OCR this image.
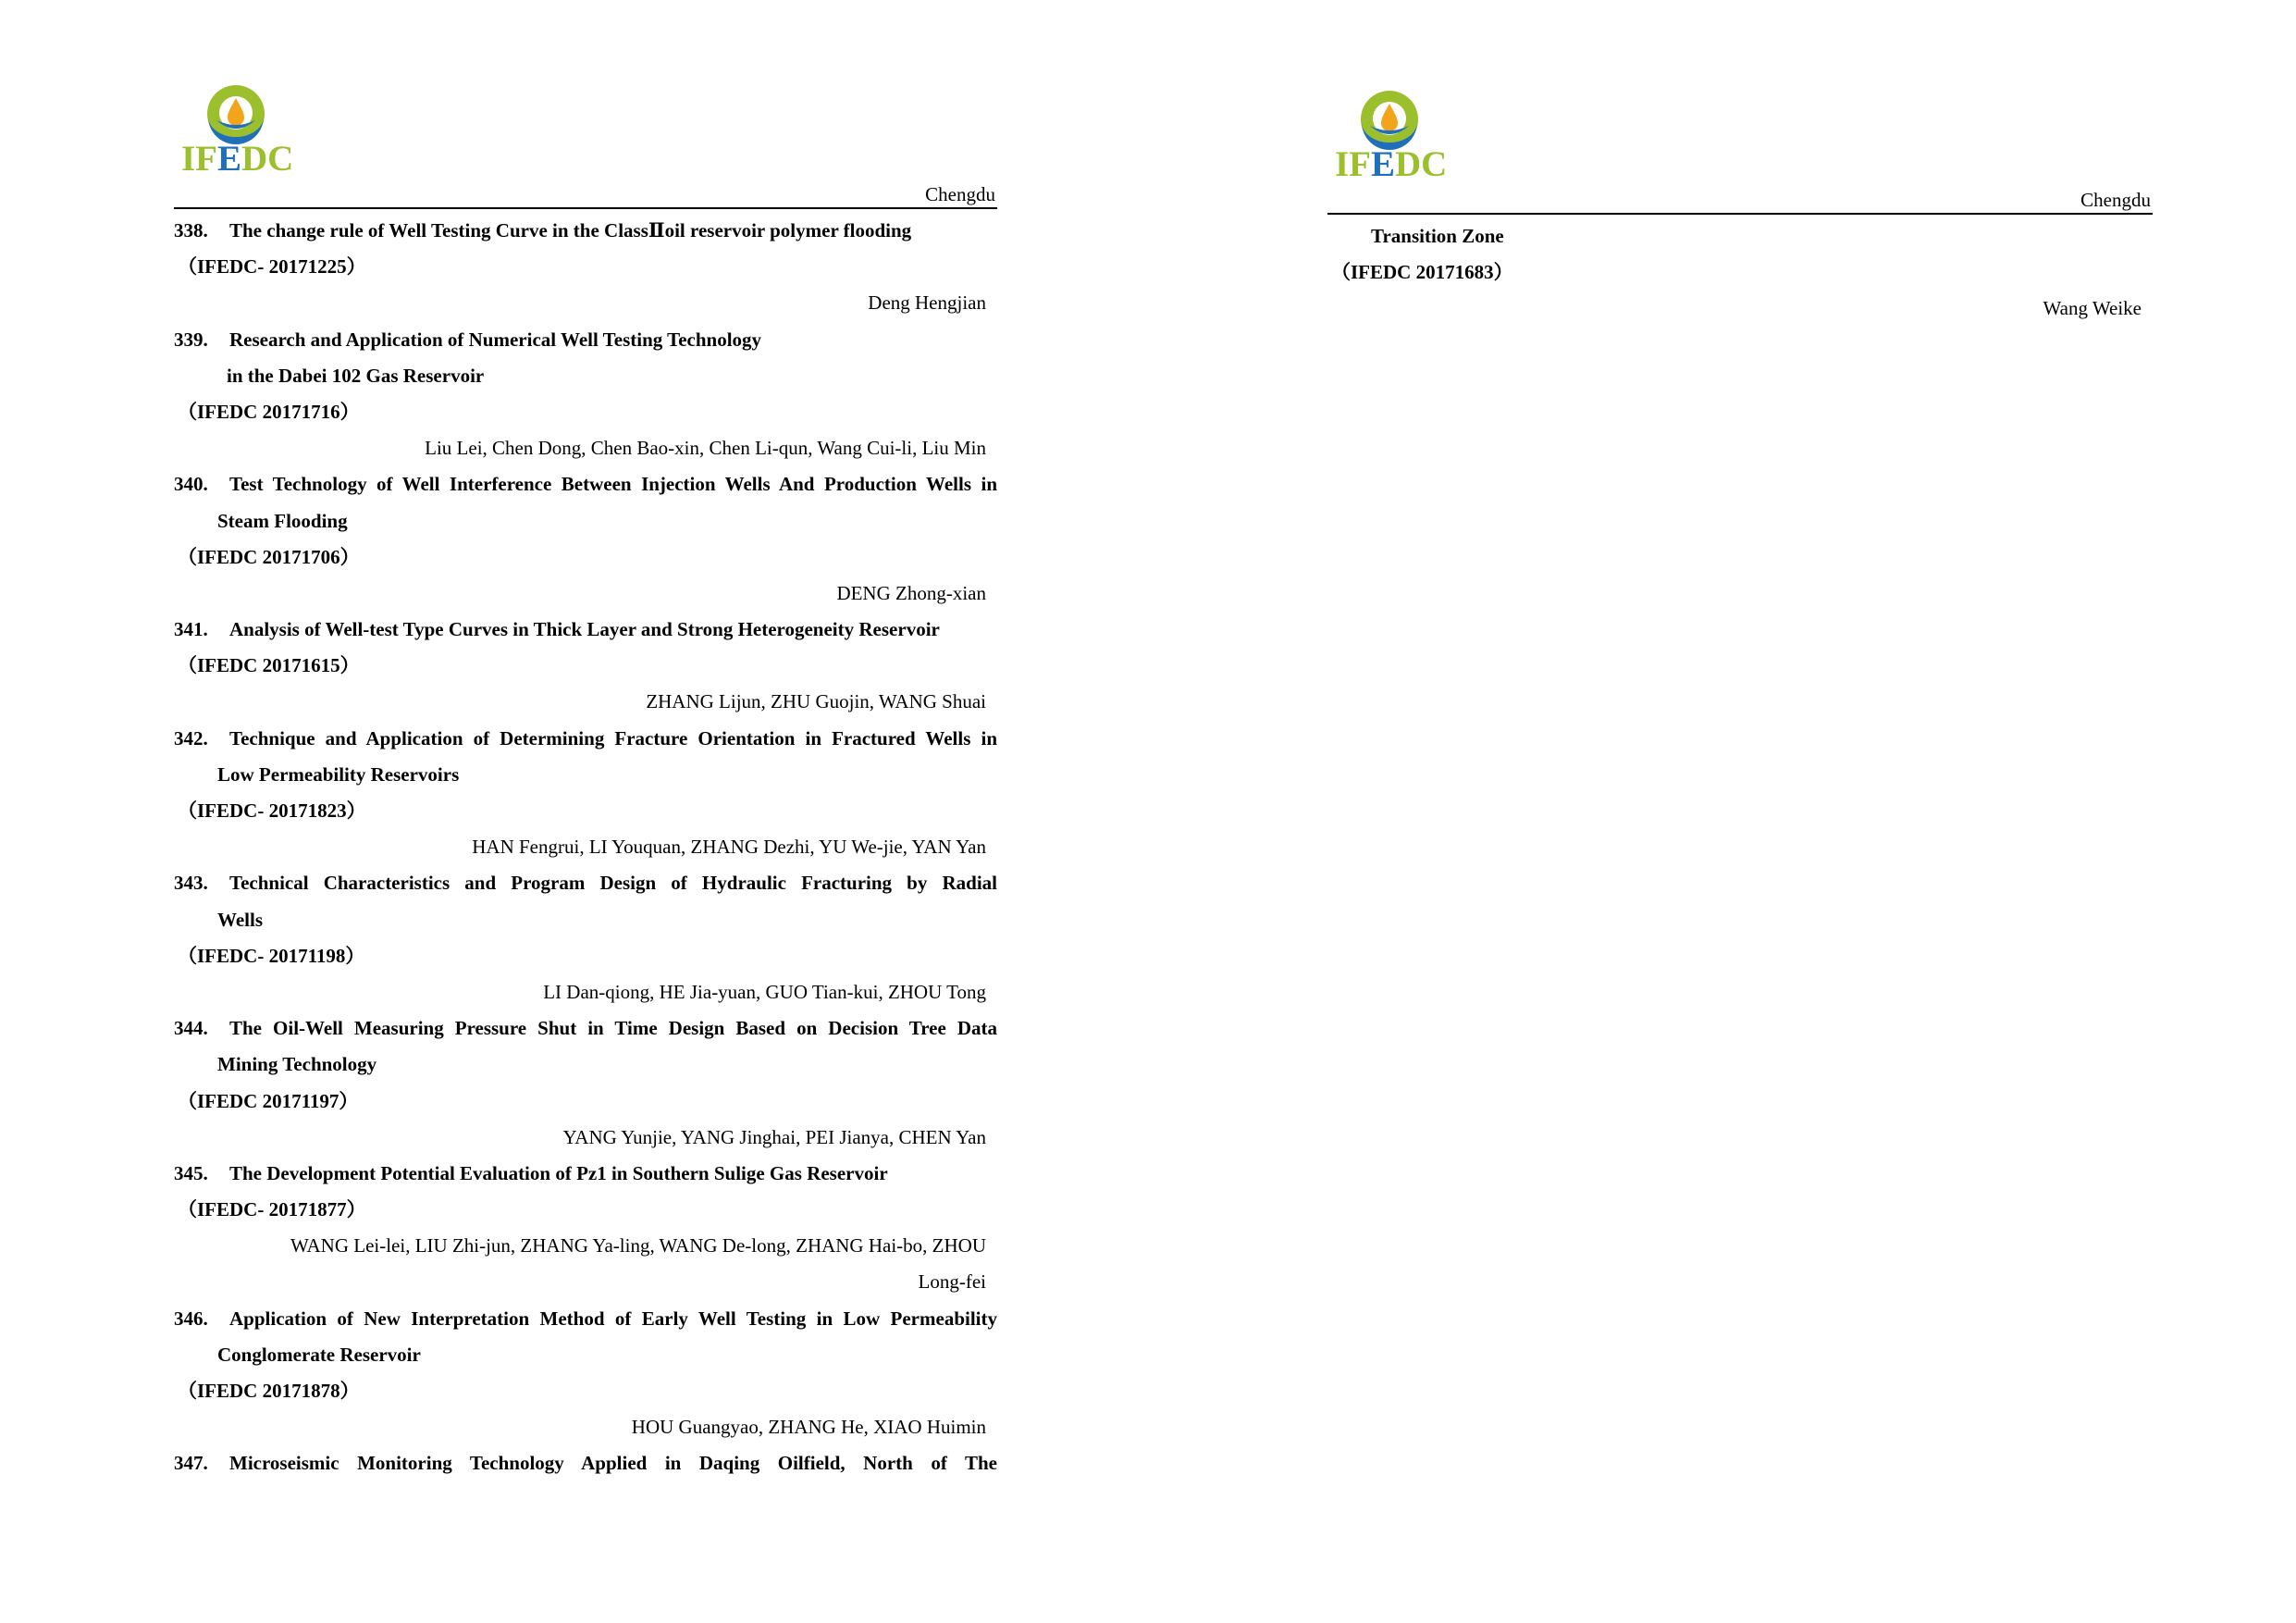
IFEDC
Chengdu
338. The change rule of Well Testing Curve in the ClassⅡoil reservoir polymer flooding
（IFEDC- 20171225）
Deng Hengjian
339. Research and Application of Numerical Well Testing Technology
in the Dabei 102 Gas Reservoir
（IFEDC 20171716）
Liu Lei, Chen Dong, Chen Bao-xin, Chen Li-qun, Wang Cui-li, Liu Min
340.	Test Technology of Well Interference Between Injection Wells And Production Wells in
Steam Flooding
（IFEDC 20171706）
DENG Zhong-xian
341. Analysis of Well-test Type Curves in Thick Layer and Strong Heterogeneity Reservoir
（IFEDC 20171615）
ZHANG Lijun, ZHU Guojin, WANG Shuai
342.	Technique and Application of Determining Fracture Orientation in Fractured Wells in
Low Permeability Reservoirs
（IFEDC- 20171823）
HAN Fengrui, LI Youquan, ZHANG Dezhi, YU We-jie, YAN Yan
343.	Technical Characteristics and Program Design of Hydraulic Fracturing by Radial
Wells
（IFEDC- 20171198）
LI Dan-qiong, HE Jia-yuan, GUO Tian-kui, ZHOU Tong
344.	The Oil-Well Measuring Pressure Shut in Time Design Based on Decision Tree Data
Mining Technology
（IFEDC 20171197）
YANG Yunjie, YANG Jinghai, PEI Jianya, CHEN Yan
345. The Development Potential Evaluation of Pz1 in Southern Sulige Gas Reservoir
（IFEDC- 20171877）
WANG Lei-lei, LIU Zhi-jun, ZHANG Ya-ling, WANG De-long, ZHANG Hai-bo, ZHOU
Long-fei
346.	Application of New Interpretation Method of Early Well Testing in Low Permeability
Conglomerate Reservoir
（IFEDC 20171878）
HOU Guangyao, ZHANG He, XIAO Huimin
347.	Microseismic Monitoring Technology Applied in Daqing Oilfield, North of The
IFEDC
Chengdu
Transition Zone
（IFEDC 20171683）
Wang Weike
